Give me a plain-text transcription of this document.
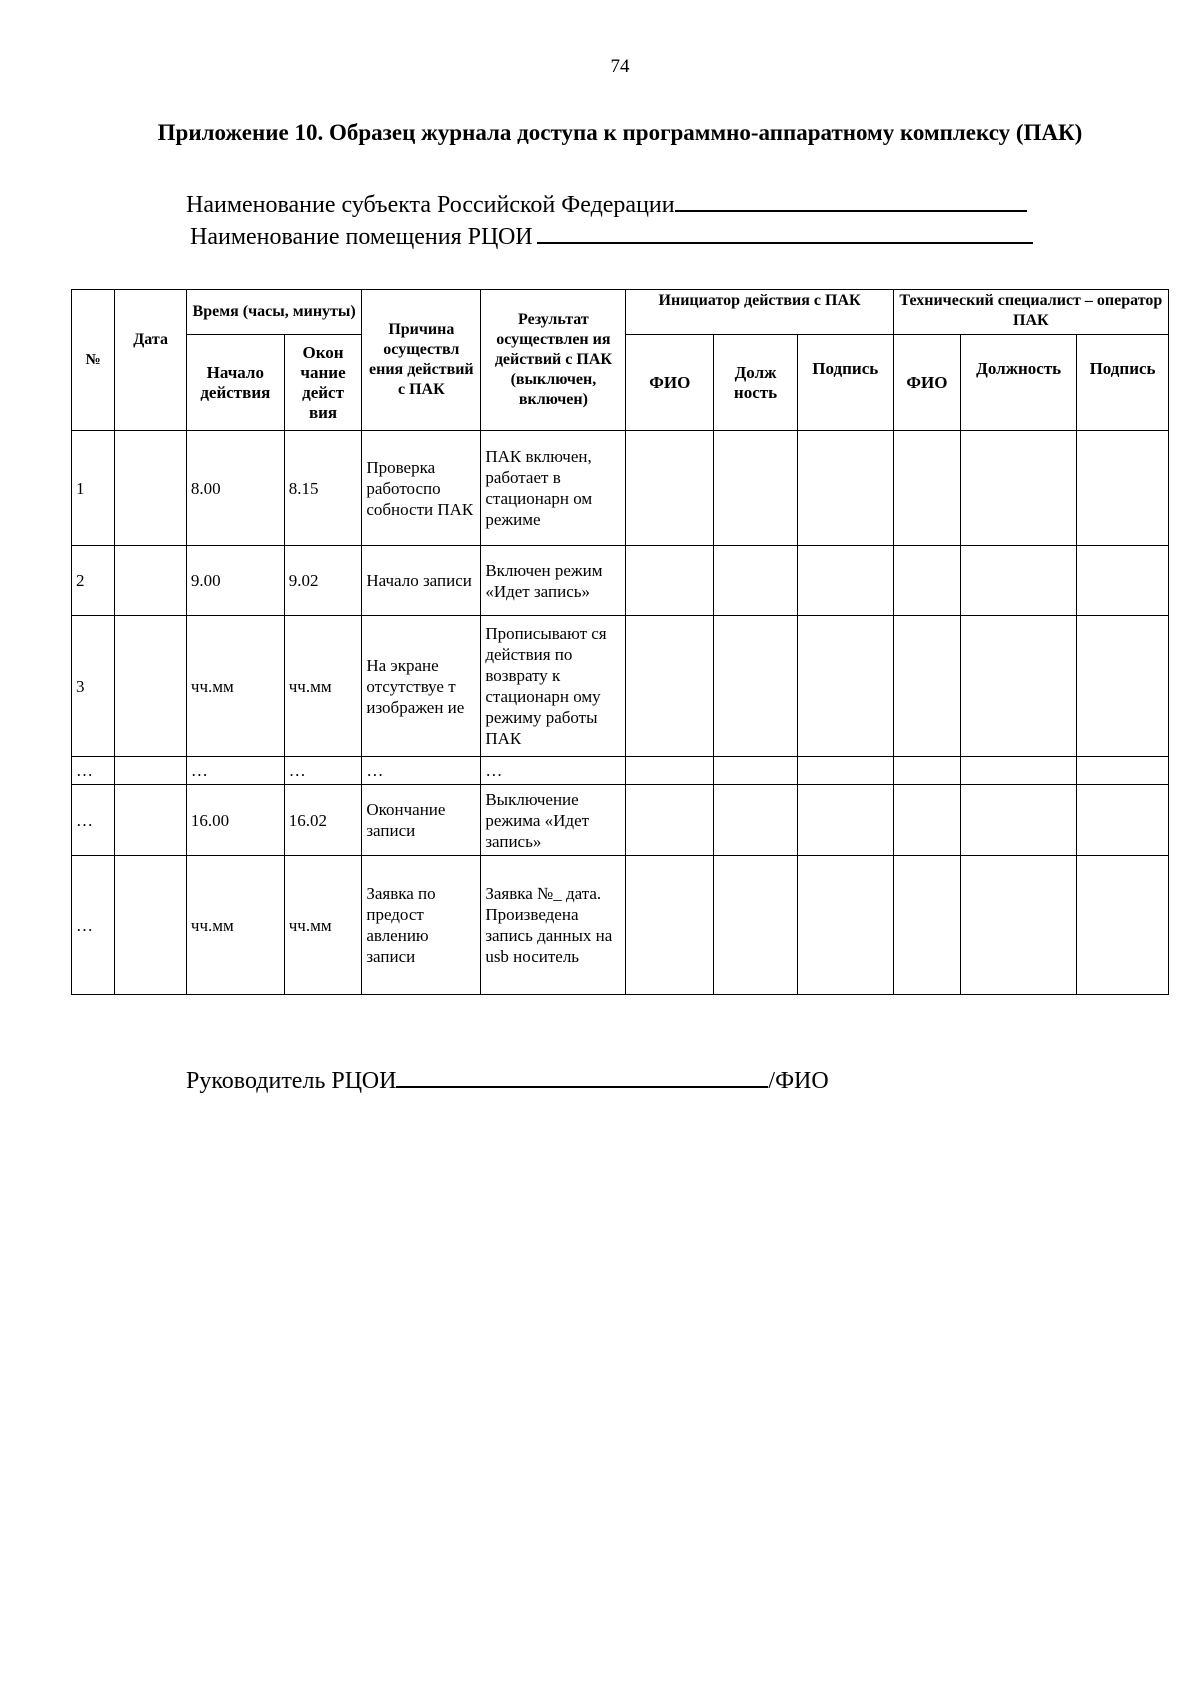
74
Приложение 10. Образец журнала доступа к программно-аппаратному комплексу (ПАК)
Наименование субъекта Российской Федерации
Наименование помещения РЦОИ
№	Дата	Время (часы, минуты)		Причина осуществл ения действий с ПАК	Результат осуществлен ия действий с ПАК (выключен, включен)	Инициатор действия с ПАК			Технический специалист – оператор ПАК		
		Начало действия	Окон чание дейст вия			ФИО	Долж ность	Подпись	ФИО	Должность	Подпись
1		8.00	8.15	Проверка работоспо собности ПАК	ПАК включен, работает в стационарн ом режиме						
2		9.00	9.02	Начало записи	Включен режим «Идет запись»						
3		чч.мм	чч.мм	На экране отсутствуе т изображен ие	Прописывают ся действия по возврату к стационарн ому режиму работы ПАК						
…		…	…	…	…						
…		16.00	16.02	Окончание записи	Выключение режима «Идет запись»						
…		чч.мм	чч.мм	Заявка по предост авлению записи	Заявка №_ дата. Произведена запись данных на usb носитель						
Руководитель РЦОИ	/ФИО
